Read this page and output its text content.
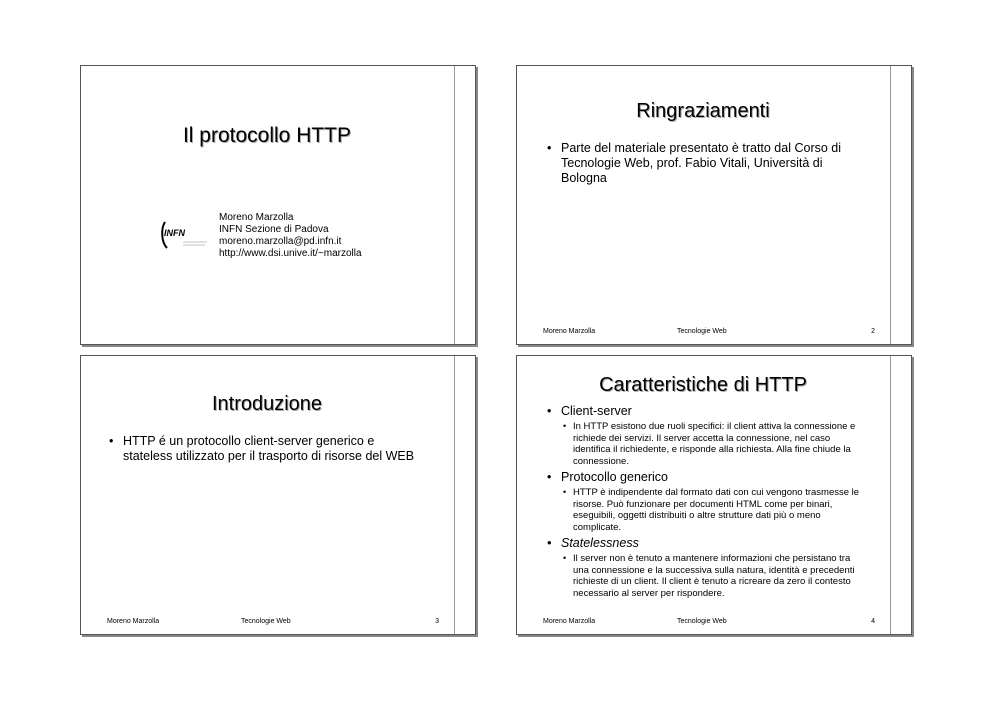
Il protocollo HTTP
INFN
Moreno Marzolla
INFN Sezione di Padova
moreno.marzolla@pd.infn.it
http://www.dsi.unive.it/~marzolla
Ringraziamenti
• Parte del materiale presentato è tratto dal Corso di Tecnologie Web, prof. Fabio Vitali, Università di Bologna
Moreno Marzolla	Tecnologie Web	2
Introduzione
• HTTP é un protocollo client-server generico e stateless utilizzato per il trasporto di risorse del WEB
Moreno Marzolla	Tecnologie Web	3
Caratteristiche di HTTP
• Client-server
• In HTTP esistono due ruoli specifici: il client attiva la connessione e richiede dei servizi. Il server accetta la connessione, nel caso identifica il richiedente, e risponde alla richiesta. Alla fine chiude la connessione.
• Protocollo generico
• HTTP è indipendente dal formato dati con cui vengono trasmesse le risorse. Può funzionare per documenti HTML come per binari, eseguibili, oggetti distribuiti o altre strutture dati più o meno complicate.
• Statelessness
• Il server non è tenuto a mantenere informazioni che persistano tra una connessione e la successiva sulla natura, identità e precedenti richieste di un client. Il client è tenuto a ricreare da zero il contesto necessario al server per rispondere.
Moreno Marzolla	Tecnologie Web	4
